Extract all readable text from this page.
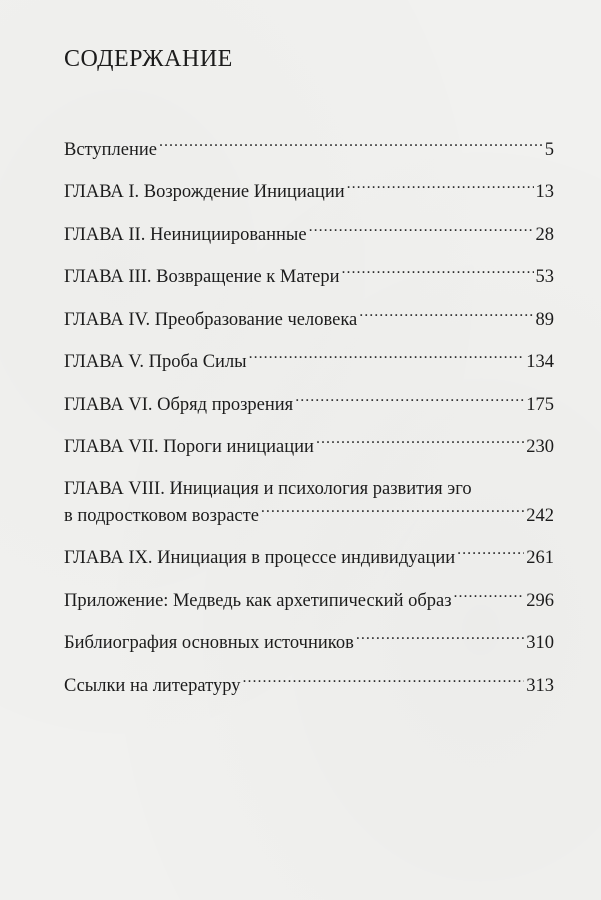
СОДЕРЖАНИЕ
Вступление .....	5
ГЛАВА I. Возрождение Инициации .....	13
ГЛАВА II. Неинициированные .....	28
ГЛАВА III. Возвращение к Матери .....	53
ГЛАВА IV. Преобразование человека .....	89
ГЛАВА V. Проба Силы .....	134
ГЛАВА VI. Обряд прозрения .....	175
ГЛАВА VII. Пороги инициации .....	230
ГЛАВА VIII. Инициация и психология развития эго
в подростковом возрасте .....	242
ГЛАВА IX. Инициация в процессе индивидуации .....	261
Приложение: Медведь как архетипический образ .....	296
Библиография основных источников .....	310
Ссылки на литературу .....	313
